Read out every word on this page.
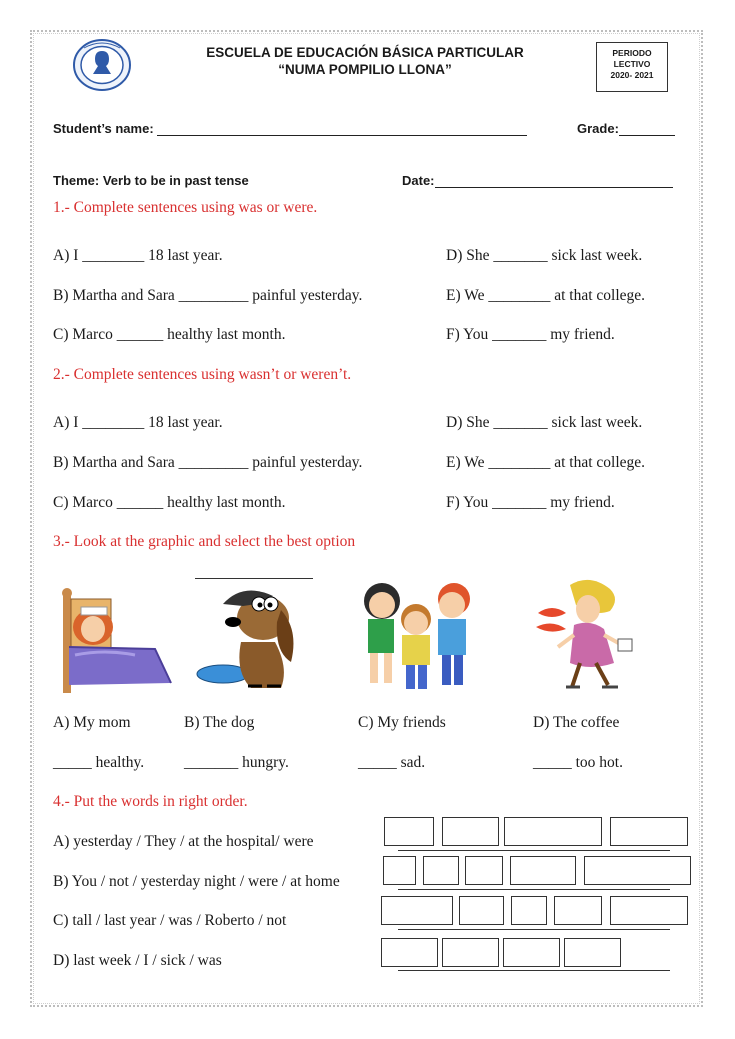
ESCUELA DE EDUCACIÓN BÁSICA PARTICULAR
“NUMA POMPILIO LLONA”
PERIODO
LECTIVO
2020- 2021
Student’s name:	Grade:
Theme: Verb to be in past tense	Date:
1.- Complete sentences using was or were.
A) I ________ 18 last year.
B) Martha and Sara _________ painful yesterday.
C) Marco ______ healthy last month.
D) She _______ sick last week.
E) We ________ at that college.
F) You _______ my friend.
2.- Complete sentences using wasn’t or weren’t.
A) I ________ 18 last year.
B) Martha and Sara _________ painful yesterday.
C) Marco ______ healthy last month.
D) She _______ sick last week.
E) We ________ at that college.
F) You _______ my friend.
3.- Look at the graphic and select the best option
A) My mom	B) The dog	C) My friends	D) The coffee
_____ healthy.	_______ hungry.	_____ sad.	_____ too hot.
4.- Put the words in right order.
A) yesterday / They / at the hospital/ were
B) You / not / yesterday night / were / at home
C) tall / last year / was / Roberto / not
D) last week / I / sick / was
